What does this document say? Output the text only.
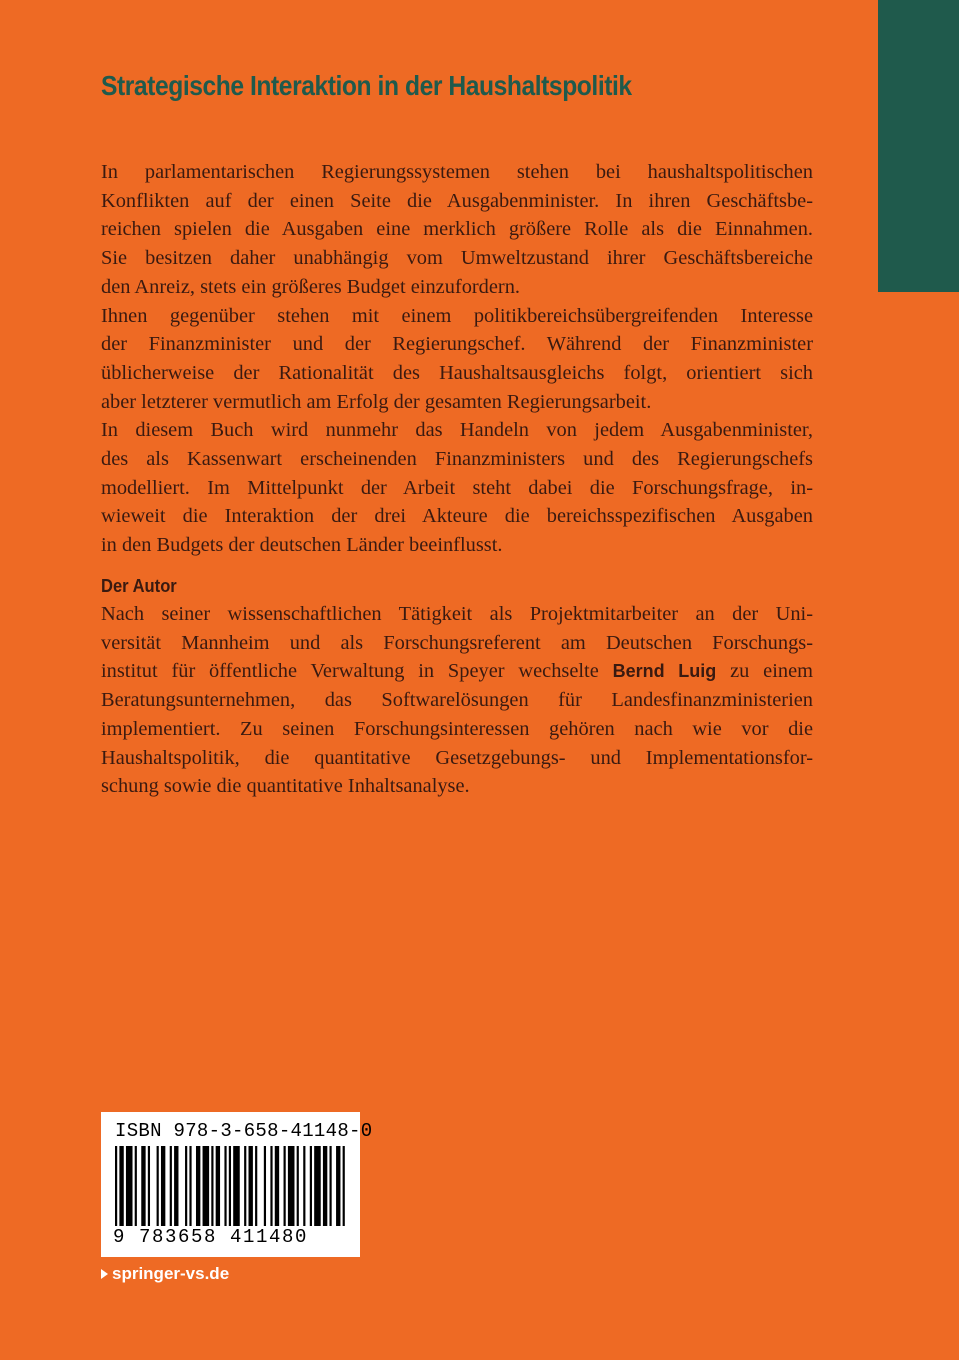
Strategische Interaktion in der Haushaltspolitik

In parlamentarischen Regierungssystemen stehen bei haushaltspolitischen
Konflikten auf der einen Seite die Ausgabenminister. In ihren Geschäftsbe-
reichen spielen die Ausgaben eine merklich größere Rolle als die Einnahmen.
Sie besitzen daher unabhängig vom Umweltzustand ihrer Geschäftsbereiche
den Anreiz, stets ein größeres Budget einzufordern.

Ihnen gegenüber stehen mit einem politikbereichsübergreifenden Interesse
der Finanzminister und der Regierungschef. Während der Finanzminister
üblicherweise der Rationalität des Haushaltsausgleichs folgt, orientiert sich
aber letzterer vermutlich am Erfolg der gesamten Regierungsarbeit.

In diesem Buch wird nunmehr das Handeln von jedem Ausgabenminister,
des als Kassenwart erscheinenden Finanzministers und des Regierungschefs
modelliert. Im Mittelpunkt der Arbeit steht dabei die Forschungsfrage, in-
wieweit die Interaktion der drei Akteure die bereichsspezifischen Ausgaben
in den Budgets der deutschen Länder beeinflusst.

Der Autor

Nach seiner wissenschaftlichen Tätigkeit als Projektmitarbeiter an der Uni-
versität Mannheim und als Forschungsreferent am Deutschen Forschungs-
institut für öffentliche Verwaltung in Speyer wechselte Bernd Luig zu einem
Beratungsunternehmen, das Softwarelösungen für Landesfinanzministerien
implementiert. Zu seinen Forschungsinteressen gehören nach wie vor die
Haushaltspolitik, die quantitative Gesetzgebungs- und Implementationsfor-
schung sowie die quantitative Inhaltsanalyse.

ISBN 978-3-658-41148-0
9 783658 411480
springer-vs.de
